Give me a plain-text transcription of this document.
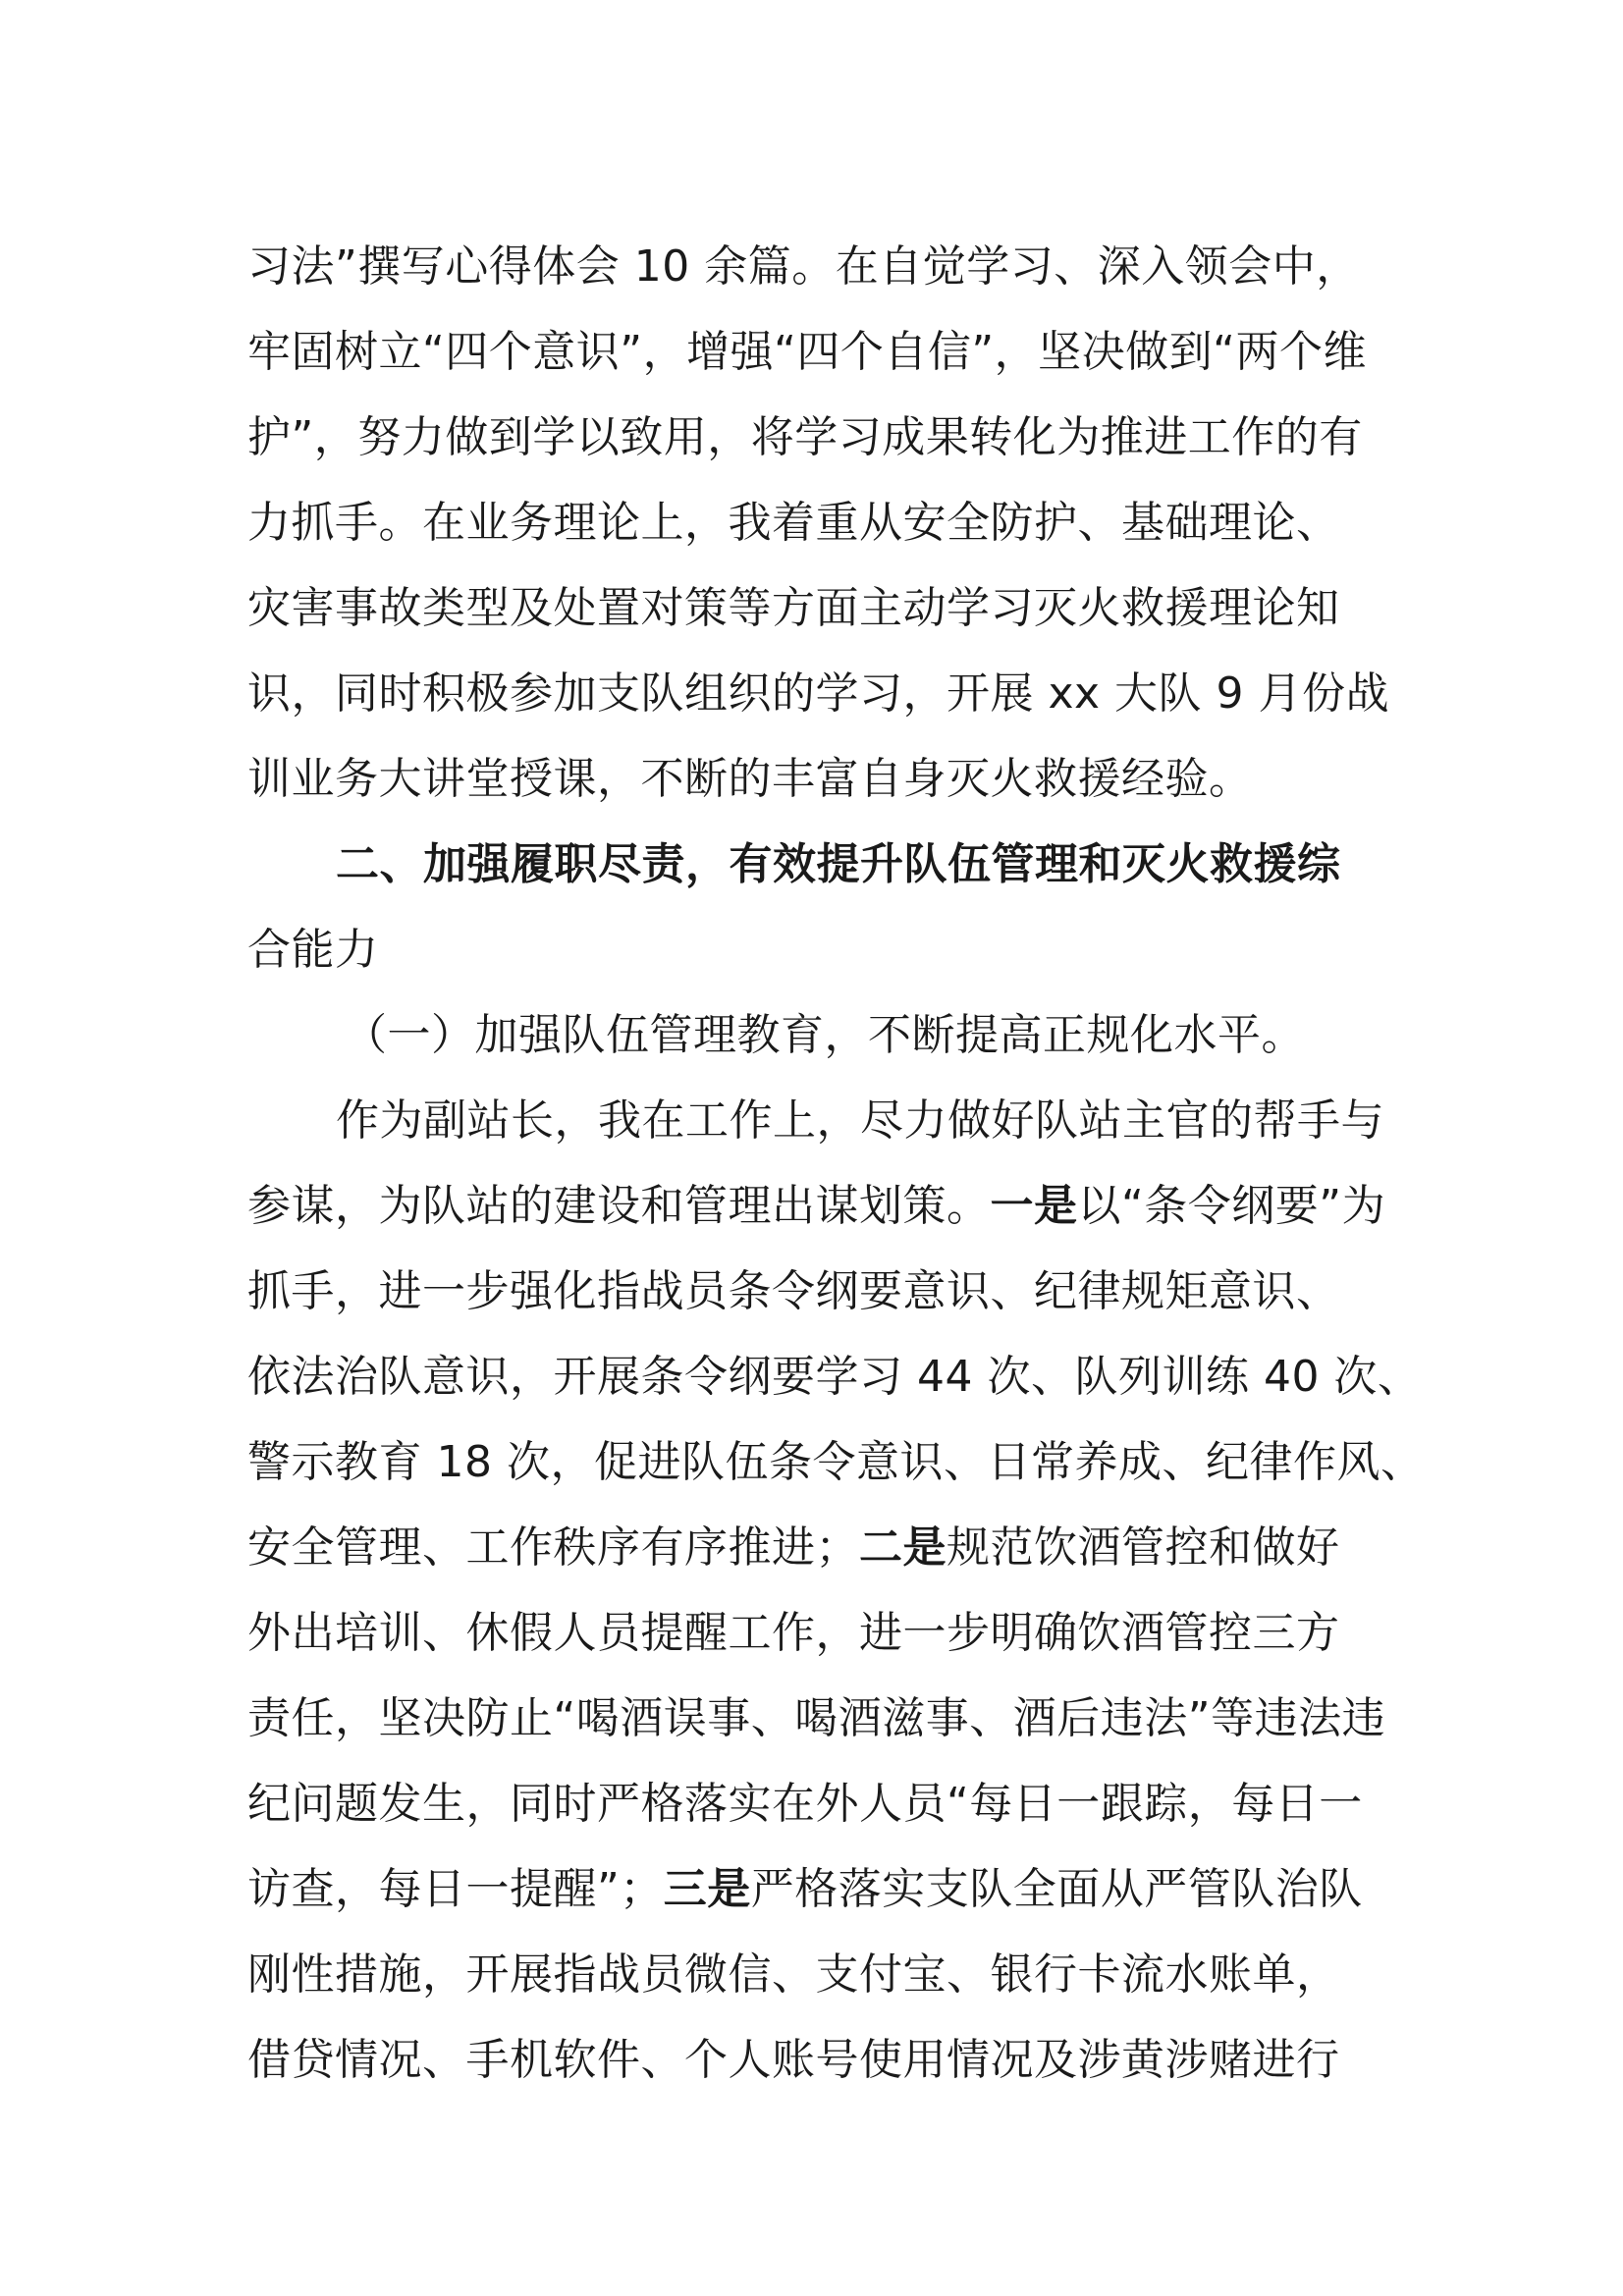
习法”撰写心得体会 10 余篇。在自觉学习、深入领会中，
牢固树立“四个意识”，增强“四个自信”，坚决做到“两个维
护”，努力做到学以致用，将学习成果转化为推进工作的有
力抓手。在业务理论上，我着重从安全防护、基础理论、
灾害事故类型及处置对策等方面主动学习灭火救援理论知
识，同时积极参加支队组织的学习，开展 xx 大队 9 月份战
训业务大讲堂授课，不断的丰富自身灭火救援经验。
二、加强履职尽责，有效提升队伍管理和灭火救援综
合能力
（一）加强队伍管理教育，不断提高正规化水平。
作为副站长，我在工作上，尽力做好队站主官的帮手与
参谋，为队站的建设和管理出谋划策。一是以“条令纲要”为
抓手，进一步强化指战员条令纲要意识、纪律规矩意识、
依法治队意识，开展条令纲要学习 44 次、队列训练 40 次、
警示教育 18 次，促进队伍条令意识、日常养成、纪律作风、
安全管理、工作秩序有序推进；二是规范饮酒管控和做好
外出培训、休假人员提醒工作，进一步明确饮酒管控三方
责任，坚决防止“喝酒误事、喝酒滋事、酒后违法”等违法违
纪问题发生，同时严格落实在外人员“每日一跟踪，每日一
访查，每日一提醒”；三是严格落实支队全面从严管队治队
刚性措施，开展指战员微信、支付宝、银行卡流水账单，
借贷情况、手机软件、个人账号使用情况及涉黄涉赌进行
